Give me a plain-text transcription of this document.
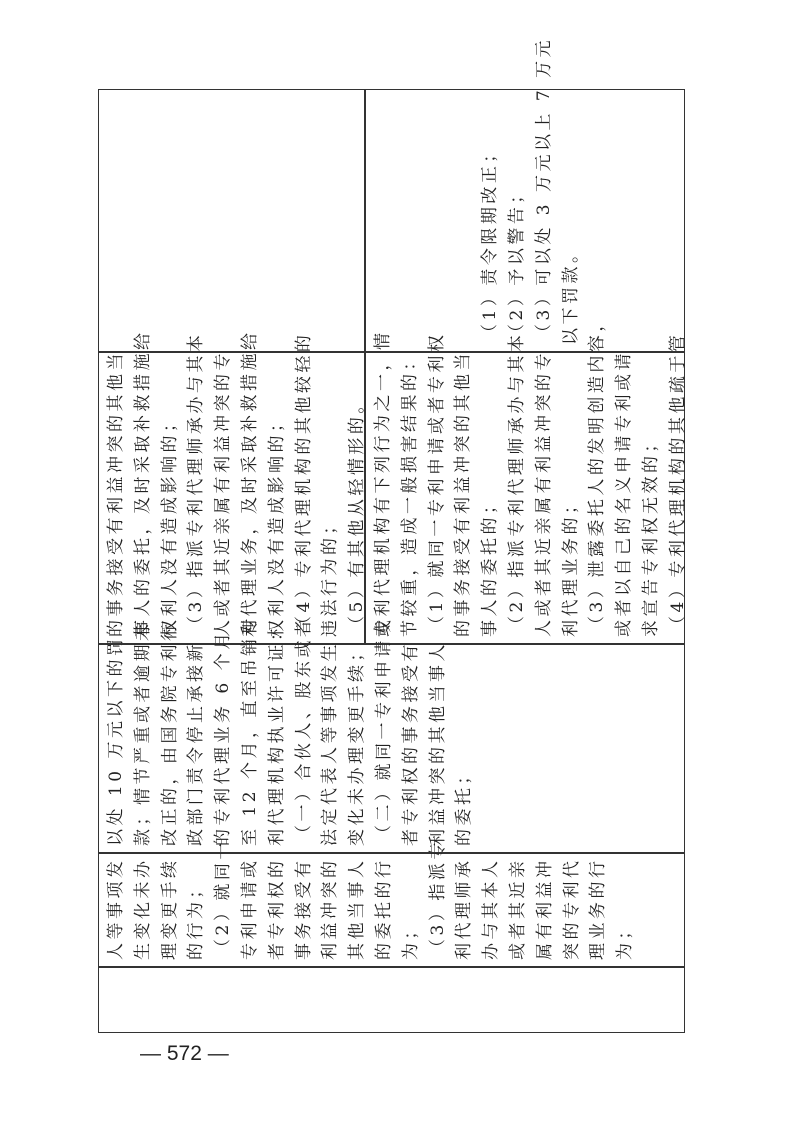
人等事项发 生变化未办 理变更手续 的行为； （2）就同一 专利申请或 者专利权的 事务接受有 利益冲突的 其他当事人 的委托的行 为； （3）指派专 利代理师承 办与其本人 或者其近亲 属有利益冲 突的专利代 理业务的行 为；
以处 10 万元以下的罚 款；情节严重或者逾期未 改正的，由国务院专利行 政部门责令停止承接新 的专利代理业务 6 个月 至 12 个月，直至吊销专 利代理机构执业许可证： （一）合伙人、股东或者 法定代表人等事项发生 变化未办理变更手续； （二）就同一专利申请或 者专利权的事务接受有 利益冲突的其他当事人 的委托；
的事务接受有利益冲突的其他当 事人的委托，及时采取补救措施给 权利人没有造成影响的； （3）指派专利代理师承办与其本 人或者其近亲属有利益冲突的专 利代理业务，及时采取补救措施给 权利人没有造成影响的； （4）专利代理机构的其他较轻的 违法行为的； （5）有其他从轻情形的。 专利代理机构有下列行为之一，情 节较重，造成一般损害结果的： （1）就同一专利申请或者专利权 的事务接受有利益冲突的其他当 事人的委托的； （2）指派专利代理师承办与其本 人或者其近亲属有利益冲突的专 利代理业务的； （3）泄露委托人的发明创造内容， 或者以自己的名义申请专利或请 求宣告专利权无效的； （4）专利代理机构的其他疏于管

（1）责令限期改正； （2）予以警告； （3）可以处 3 万元以上 7 万元 以下罚款。
— 572 —
